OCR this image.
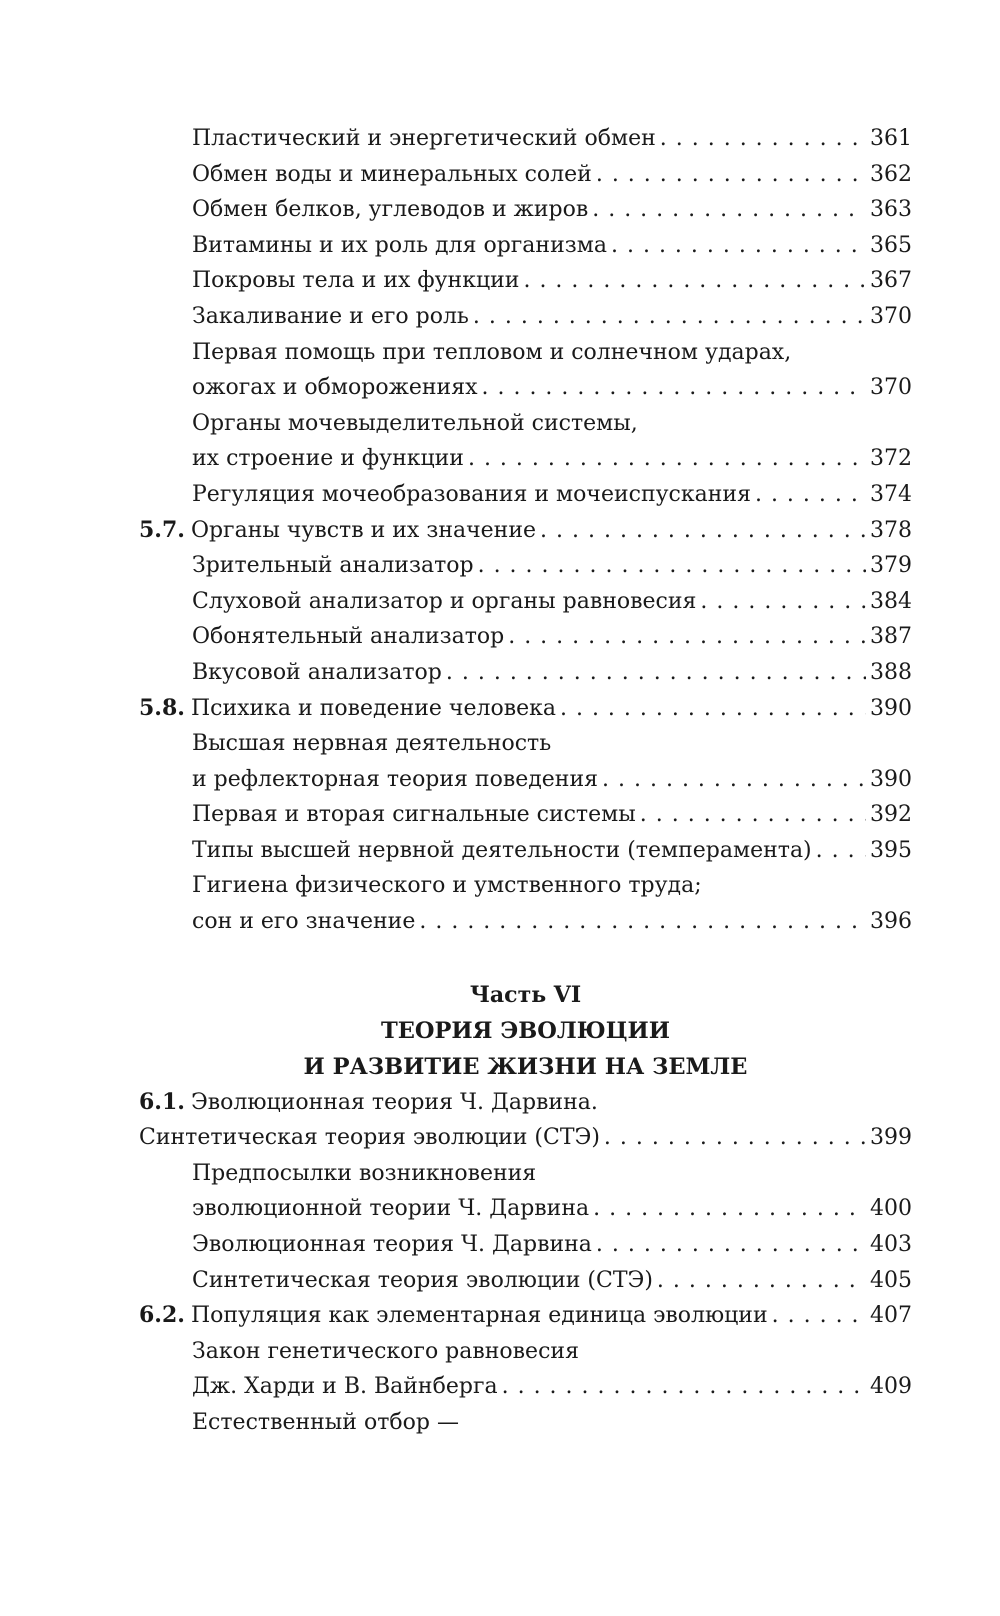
Пластический и энергетический обмен . . .	361
Обмен воды и минеральных солей . . .	362
Обмен белков, углеводов и жиров . . .	363
Витамины и их роль для организма . . .	365
Покровы тела и их функции . . .	367
Закаливание и его роль . . .	370
Первая помощь при тепловом и солнечном ударах,
ожогах и обморожениях . . .	370
Органы мочевыделительной системы,
их строение и функции . . .	372
Регуляция мочеобразования и мочеиспускания . . .	374
5.7. Органы чувств и их значение . . .	378
Зрительный анализатор . . .	379
Слуховой анализатор и органы равновесия . . .	384
Обонятельный анализатор . . .	387
Вкусовой анализатор . . .	388
5.8. Психика и поведение человека . . .	390
Высшая нервная деятельность
и рефлекторная теория поведения . . .	390
Первая и вторая сигнальные системы . . .	392
Типы высшей нервной деятельности (темперамента) . . .	395
Гигиена физического и умственного труда;
сон и его значение . . .	396
Часть VI
ТЕОРИЯ ЭВОЛЮЦИИ
И РАЗВИТИЕ ЖИЗНИ НА ЗЕМЛЕ
6.1. Эволюционная теория Ч. Дарвина.
Синтетическая теория эволюции (СТЭ) . . .	399
Предпосылки возникновения
эволюционной теории Ч. Дарвина . . .	400
Эволюционная теория Ч. Дарвина . . .	403
Синтетическая теория эволюции (СТЭ) . . .	405
6.2. Популяция как элементарная единица эволюции . . .	407
Закон генетического равновесия
Дж. Харди и В. Вайнберга . . .	409
Естественный отбор —
